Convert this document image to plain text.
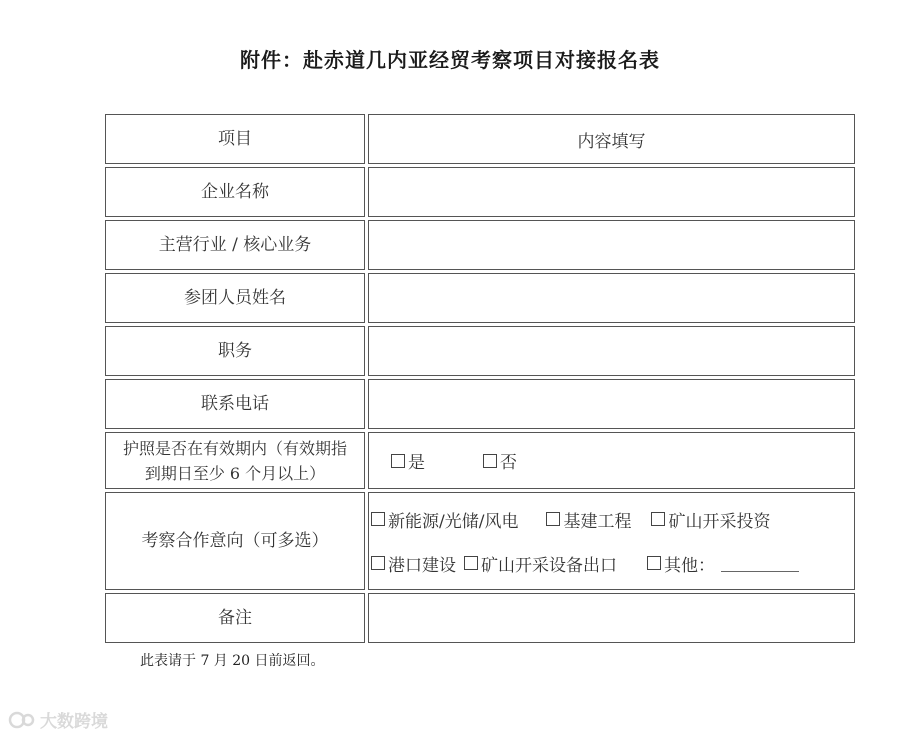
附件：赴赤道几内亚经贸考察项目对接报名表
项目	内容填写
企业名称
主营行业 / 核心业务
参团人员姓名
职务
联系电话
护照是否在有效期内（有效期指
到期日至少 6 个月以上）	是	否
考察合作意向（可多选）
新能源/光储/风电	基建工程 矿山开采投资
港口建设 矿山开采设备出口	其他：
备注
此表请于 7 月 20 日前返回。
大数跨境
